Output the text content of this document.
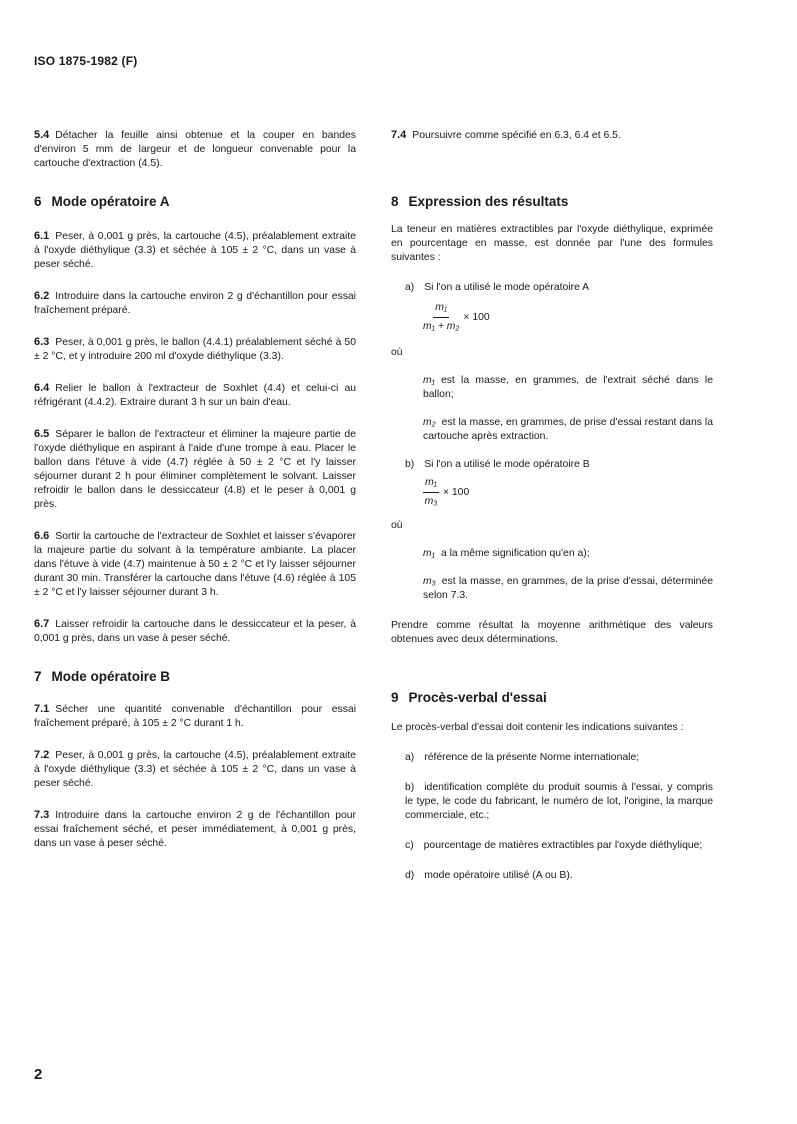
ISO 1875-1982 (F)

5.4 Détacher la feuille ainsi obtenue et la couper en bandes d'environ 5 mm de largeur et de longueur convenable pour la cartouche d'extraction (4.5).

6 Mode opératoire A

6.1 Peser, à 0,001 g près, la cartouche (4.5), préalablement extraite à l'oxyde diéthylique (3.3) et séchée à 105 ± 2 °C, dans un vase à peser séché.

6.2 Introduire dans la cartouche environ 2 g d'échantillon pour essai fraîchement préparé.

6.3 Peser, à 0,001 g près, le ballon (4.4.1) préalablement séché à 50 ± 2 °C, et y introduire 200 ml d'oxyde diéthylique (3.3).

6.4 Relier le ballon à l'extracteur de Soxhlet (4.4) et celui-ci au réfrigérant (4.4.2). Extraire durant 3 h sur un bain d'eau.

6.5 Séparer le ballon de l'extracteur et éliminer la majeure partie de l'oxyde diéthylique en aspirant à l'aide d'une trompe à eau. Placer le ballon dans l'étuve à vide (4.7) réglée à 50 ± 2 °C et l'y laisser séjourner durant 2 h pour éliminer complètement le solvant. Laisser refroidir le ballon dans le dessiccateur (4.8) et le peser à 0,001 g près.

6.6 Sortir la cartouche de l'extracteur de Soxhlet et laisser s'évaporer la majeure partie du solvant à la température ambiante. La placer dans l'étuve à vide (4.7) maintenue à 50 ± 2 °C et l'y laisser séjourner durant 30 min. Transférer la cartouche dans l'étuve (4.6) réglée à 105 ± 2 °C et l'y laisser séjourner durant 3 h.

6.7 Laisser refroidir la cartouche dans le dessiccateur et la peser, à 0,001 g près, dans un vase à peser séché.

7 Mode opératoire B

7.1 Sécher une quantité convenable d'échantillon pour essai fraîchement préparé, à 105 ± 2 °C durant 1 h.

7.2 Peser, à 0,001 g près, la cartouche (4.5), préalablement extraite à l'oxyde diéthylique (3.3) et séchée à 105 ± 2 °C, dans un vase à peser séché.

7.3 Introduire dans la cartouche environ 2 g de l'échantillon pour essai fraîchement séché, et peser immédiatement, à 0,001 g près, dans un vase à peser séché.

7.4 Poursuivre comme spécifié en 6.3, 6.4 et 6.5.

8 Expression des résultats

La teneur en matières extractibles par l'oxyde diéthylique, exprimée en pourcentage en masse, est donnée par l'une des formules suivantes :

a) Si l'on a utilisé le mode opératoire A
$\frac{\text{m₁}}{\text{m₁ + m₂}} \times 100$
où

m₁ est la masse, en grammes, de l'extrait séché dans le ballon;

m₂ est la masse, en grammes, de prise d'essai restant dans la cartouche après extraction.

b) Si l'on a utilisé le mode opératoire B
$\frac{\text{m₁}}{\text{m₃}} \times 100$
où

m₁ a la même signification qu'en a);

m₃ est la masse, en grammes, de la prise d'essai, déterminée selon 7.3.

Prendre comme résultat la moyenne arithmétique des valeurs obtenues avec deux déterminations.

9 Procès-verbal d'essai

Le procès-verbal d'essai doit contenir les indications suivantes :

a) référence de la présente Norme internationale;
b) identification complète du produit soumis à l'essai, y compris le type, le code du fabricant, le numéro de lot, l'origine, la marque commerciale, etc.;
c) pourcentage de matières extractibles par l'oxyde diéthylique;
d) mode opératoire utilisé (A ou B).
2
